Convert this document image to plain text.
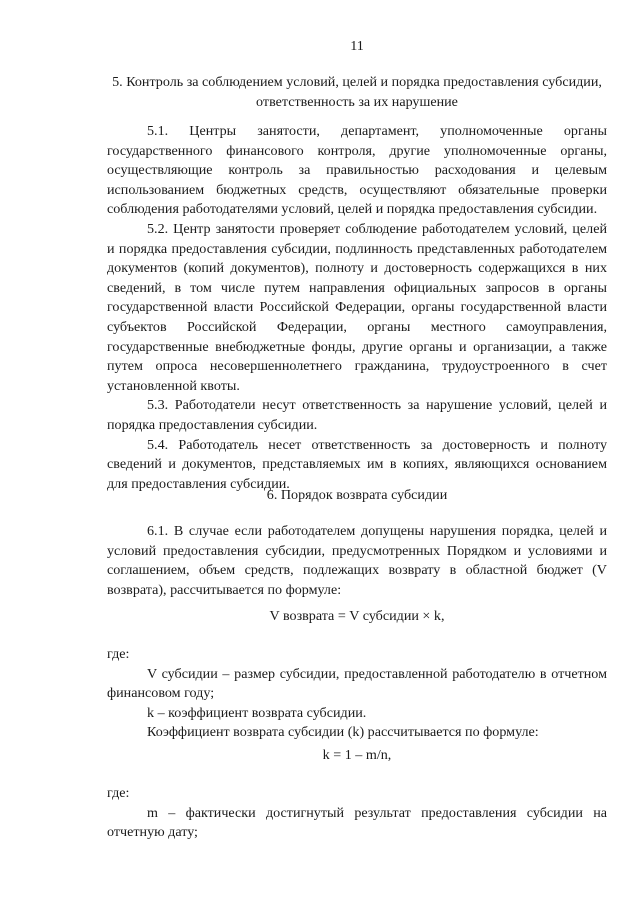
11

5. Контроль за соблюдением условий, целей и порядка предоставления субсидии, ответственность за их нарушение

5.1. Центры занятости, департамент, уполномоченные органы государственного финансового контроля, другие уполномоченные органы, осуществляющие контроль за правильностью расходования и целевым использованием бюджетных средств, осуществляют обязательные проверки соблюдения работодателями условий, целей и порядка предоставления субсидии.

5.2. Центр занятости проверяет соблюдение работодателем условий, целей и порядка предоставления субсидии, подлинность представленных работодателем документов (копий документов), полноту и достоверность содержащихся в них сведений, в том числе путем направления официальных запросов в органы государственной власти Российской Федерации, органы государственной власти субъектов Российской Федерации, органы местного самоуправления, государственные внебюджетные фонды, другие органы и организации, а также путем опроса несовершеннолетнего гражданина, трудоустроенного в счет установленной квоты.

5.3. Работодатели несут ответственность за нарушение условий, целей и порядка предоставления субсидии.

5.4. Работодатель несет ответственность за достоверность и полноту сведений и документов, представляемых им в копиях, являющихся основанием для предоставления субсидии.

6. Порядок возврата субсидии

6.1. В случае если работодателем допущены нарушения порядка, целей и условий предоставления субсидии, предусмотренных Порядком и условиями и соглашением, объем средств, подлежащих возврату в областной бюджет (V возврата), рассчитывается по формуле:

V возврата = V субсидии × k,

где:

V субсидии – размер субсидии, предоставленной работодателю в отчетном финансовом году;

k – коэффициент возврата субсидии.

Коэффициент возврата субсидии (k) рассчитывается по формуле:

k = 1 – m/n,

где:

m – фактически достигнутый результат предоставления субсидии на отчетную дату;
